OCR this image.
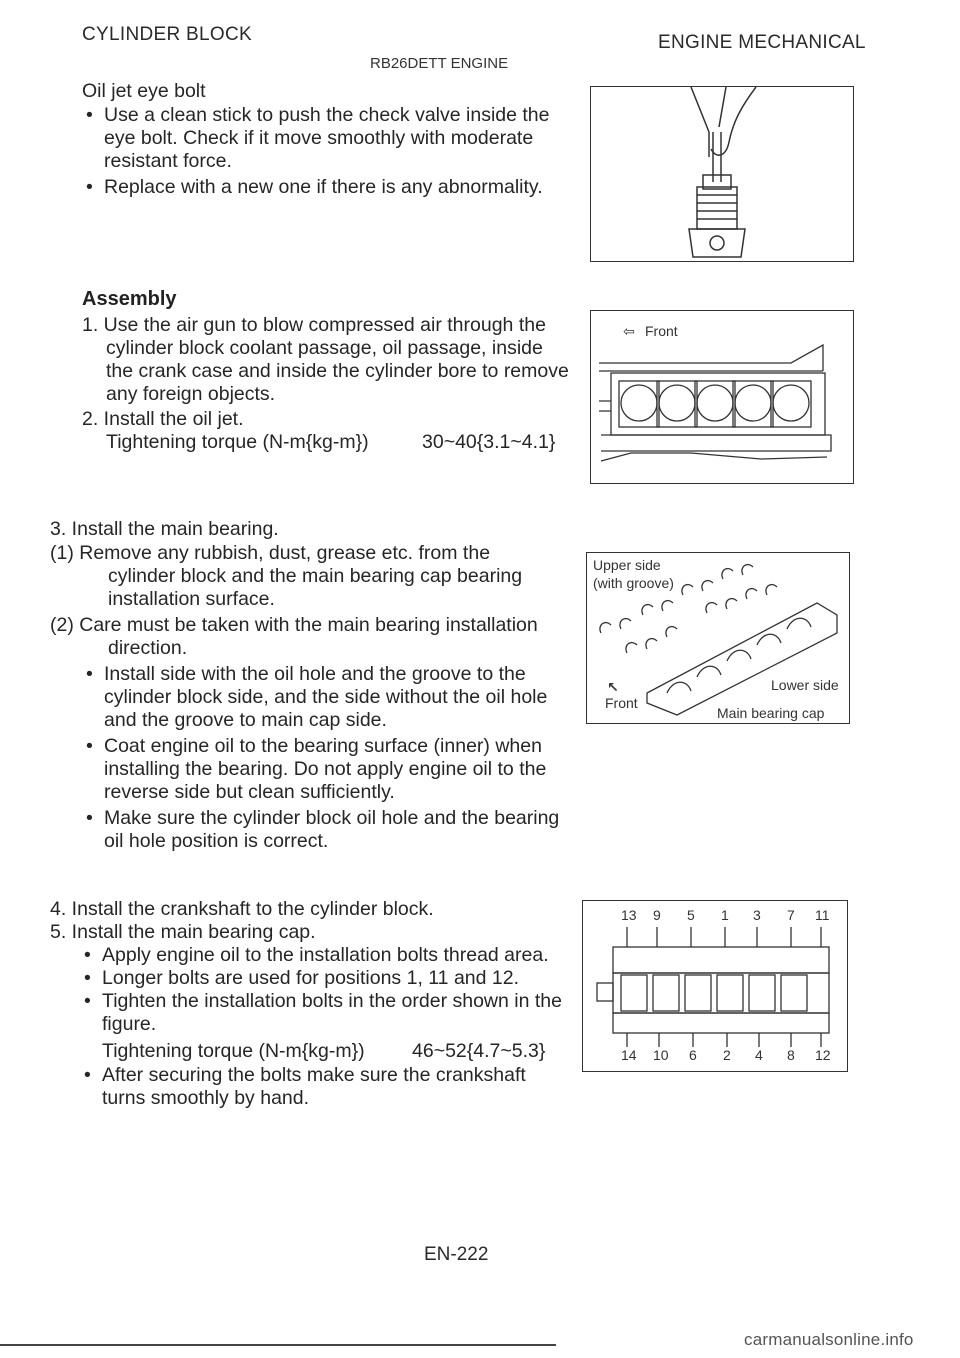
CYLINDER BLOCK	ENGINE MECHANICAL
RB26DETT ENGINE
Oil jet eye bolt
• Use a clean stick to push the check valve inside the
eye bolt. Check if it move smoothly with moderate
resistant force.
• Replace with a new one if there is any abnormality.
Assembly
1. Use the air gun to blow compressed air through the
cylinder block coolant passage, oil passage, inside
the crank case and inside the cylinder bore to remove
any foreign objects.
2. Install the oil jet.
Tightening torque (N-m{kg-m})	30~40{3.1~4.1}
⇦ Front
3. Install the main bearing.
(1) Remove any rubbish, dust, grease etc. from the
cylinder block and the main bearing cap bearing
installation surface.
(2) Care must be taken with the main bearing installation
direction.
• Install side with the oil hole and the groove to the
cylinder block side, and the side without the oil hole
and the groove to main cap side.
• Coat engine oil to the bearing surface (inner) when
installing the bearing. Do not apply engine oil to the
reverse side but clean sufficiently.
• Make sure the cylinder block oil hole and the bearing
oil hole position is correct.
Upper side
(with groove)
Lower side
Front
↖
Main bearing cap
4. Install the crankshaft to the cylinder block.
5. Install the main bearing cap.
• Apply engine oil to the installation bolts thread area.
• Longer bolts are used for positions 1, 11 and 12.
• Tighten the installation bolts in the order shown in the
figure.
Tightening torque (N-m{kg-m}) 46~52{4.7~5.3}
• After securing the bolts make sure the crankshaft
turns smoothly by hand.
13 9 5 1 3 7 11
14 10 6 2 4 8 12
EN-222
carmanualsonline.info
